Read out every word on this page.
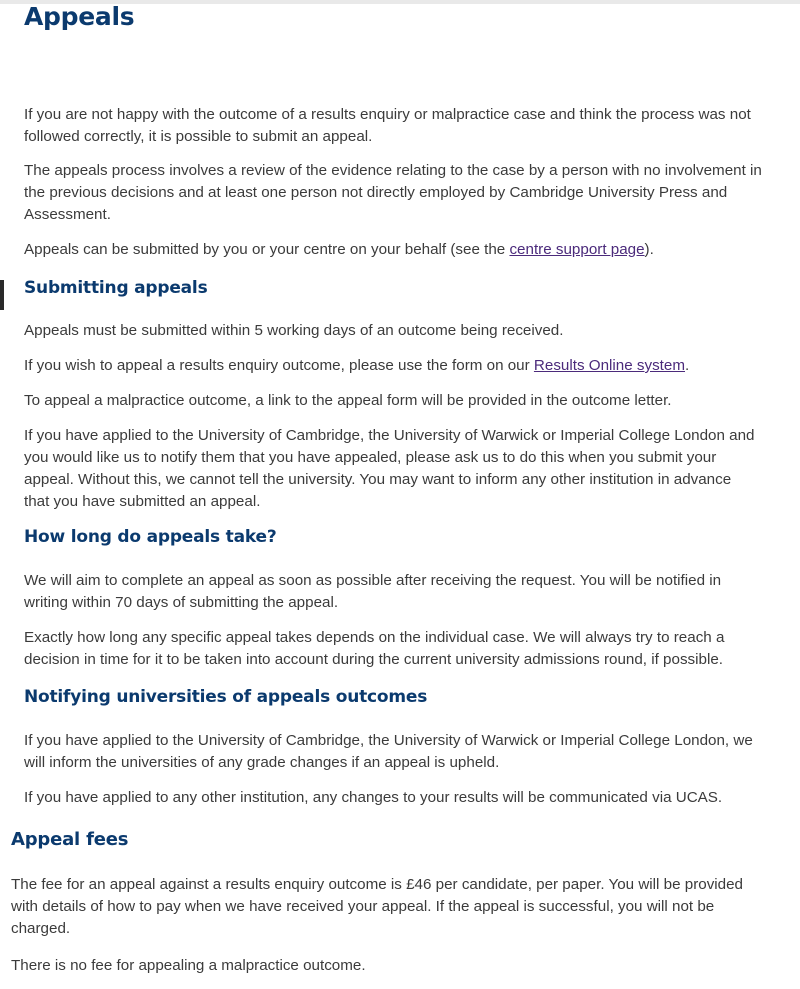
Appeals

If you are not happy with the outcome of a results enquiry or malpractice case and think the process was not followed correctly, it is possible to submit an appeal.

The appeals process involves a review of the evidence relating to the case by a person with no involvement in the previous decisions and at least one person not directly employed by Cambridge University Press and Assessment.

Appeals can be submitted by you or your centre on your behalf (see the centre support page).

Submitting appeals

Appeals must be submitted within 5 working days of an outcome being received.

If you wish to appeal a results enquiry outcome, please use the form on our Results Online system.

To appeal a malpractice outcome, a link to the appeal form will be provided in the outcome letter.

If you have applied to the University of Cambridge, the University of Warwick or Imperial College London and you would like us to notify them that you have appealed, please ask us to do this when you submit your appeal. Without this, we cannot tell the university. You may want to inform any other institution in advance that you have submitted an appeal.

How long do appeals take?

We will aim to complete an appeal as soon as possible after receiving the request. You will be notified in writing within 70 days of submitting the appeal.

Exactly how long any specific appeal takes depends on the individual case. We will always try to reach a decision in time for it to be taken into account during the current university admissions round, if possible.

Notifying universities of appeals outcomes

If you have applied to the University of Cambridge, the University of Warwick or Imperial College London, we will inform the universities of any grade changes if an appeal is upheld.

If you have applied to any other institution, any changes to your results will be communicated via UCAS.

Appeal fees

The fee for an appeal against a results enquiry outcome is £46 per candidate, per paper. You will be provided with details of how to pay when we have received your appeal. If the appeal is successful, you will not be charged.

There is no fee for appealing a malpractice outcome.
